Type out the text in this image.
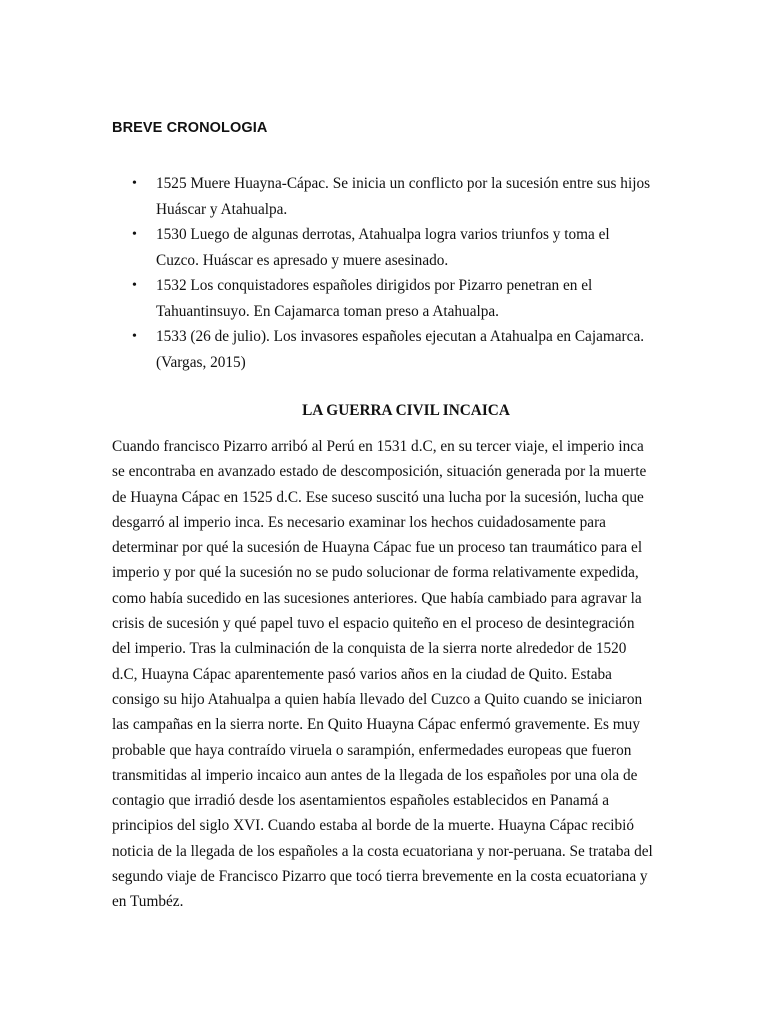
BREVE CRONOLOGIA
• 1525 Muere Huayna-Cápac. Se inicia un conflicto por la sucesión entre sus hijos
Huáscar y Atahualpa.
• 1530 Luego de algunas derrotas, Atahualpa logra varios triunfos y toma el
Cuzco. Huáscar es apresado y muere asesinado.
• 1532 Los conquistadores españoles dirigidos por Pizarro penetran en el
Tahuantinsuyo. En Cajamarca toman preso a Atahualpa.
• 1533 (26 de julio). Los invasores españoles ejecutan a Atahualpa en Cajamarca.
(Vargas, 2015)
LA GUERRA CIVIL INCAICA

Cuando francisco Pizarro arribó al Perú en 1531 d.C, en su tercer viaje, el imperio inca
se encontraba en avanzado estado de descomposición, situación generada por la muerte
de Huayna Cápac en 1525 d.C. Ese suceso suscitó una lucha por la sucesión, lucha que
desgarró al imperio inca. Es necesario examinar los hechos cuidadosamente para
determinar por qué la sucesión de Huayna Cápac fue un proceso tan traumático para el
imperio y por qué la sucesión no se pudo solucionar de forma relativamente expedida,
como había sucedido en las sucesiones anteriores. Que había cambiado para agravar la
crisis de sucesión y qué papel tuvo el espacio quiteño en el proceso de desintegración
del imperio. Tras la culminación de la conquista de la sierra norte alrededor de 1520
d.C, Huayna Cápac aparentemente pasó varios años en la ciudad de Quito. Estaba
consigo su hijo Atahualpa a quien había llevado del Cuzco a Quito cuando se iniciaron
las campañas en la sierra norte. En Quito Huayna Cápac enfermó gravemente. Es muy
probable que haya contraído viruela o sarampión, enfermedades europeas que fueron
transmitidas al imperio incaico aun antes de la llegada de los españoles por una ola de
contagio que irradió desde los asentamientos españoles establecidos en Panamá a
principios del siglo XVI. Cuando estaba al borde de la muerte. Huayna Cápac recibió
noticia de la llegada de los españoles a la costa ecuatoriana y nor-peruana. Se trataba del
segundo viaje de Francisco Pizarro que tocó tierra brevemente en la costa ecuatoriana y
en Tumbéz.
